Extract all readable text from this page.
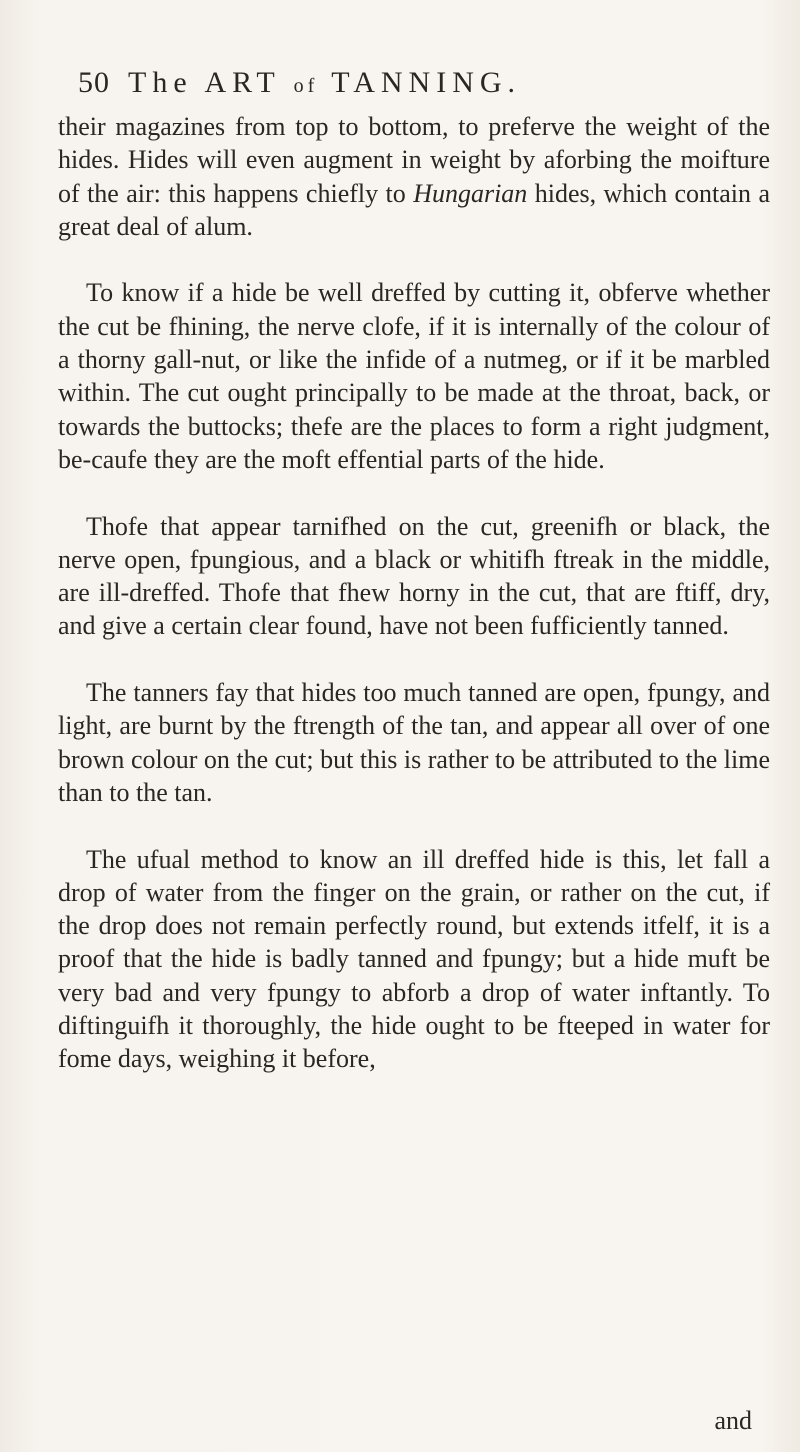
50 The ART of TANNING.

their magazines from top to bottom, to preferve the weight of the hides. Hides will even augment in weight by aforbing the moifture of the air: this happens chiefly to Hungarian hides, which contain a great deal of alum.

To know if a hide be well dreffed by cutting it, obferve whether the cut be fhining, the nerve clofe, if it is internally of the colour of a thorny gall-nut, or like the infide of a nutmeg, or if it be marbled within. The cut ought principally to be made at the throat, back, or towards the buttocks; thefe are the places to form a right judgment, be-caufe they are the moft effential parts of the hide.

Thofe that appear tarnifhed on the cut, greenifh or black, the nerve open, fpungious, and a black or whitifh ftreak in the middle, are ill-dreffed. Thofe that fhew horny in the cut, that are ftiff, dry, and give a certain clear found, have not been fufficiently tanned.

The tanners fay that hides too much tanned are open, fpungy, and light, are burnt by the ftrength of the tan, and appear all over of one brown colour on the cut; but this is rather to be attributed to the lime than to the tan.

The ufual method to know an ill dreffed hide is this, let fall a drop of water from the finger on the grain, or rather on the cut, if the drop does not remain perfectly round, but extends itfelf, it is a proof that the hide is badly tanned and fpungy; but a hide muft be very bad and very fpungy to abforb a drop of water inftantly. To diftinguifh it thoroughly, the hide ought to be fteeped in water for fome days, weighing it before,

and
